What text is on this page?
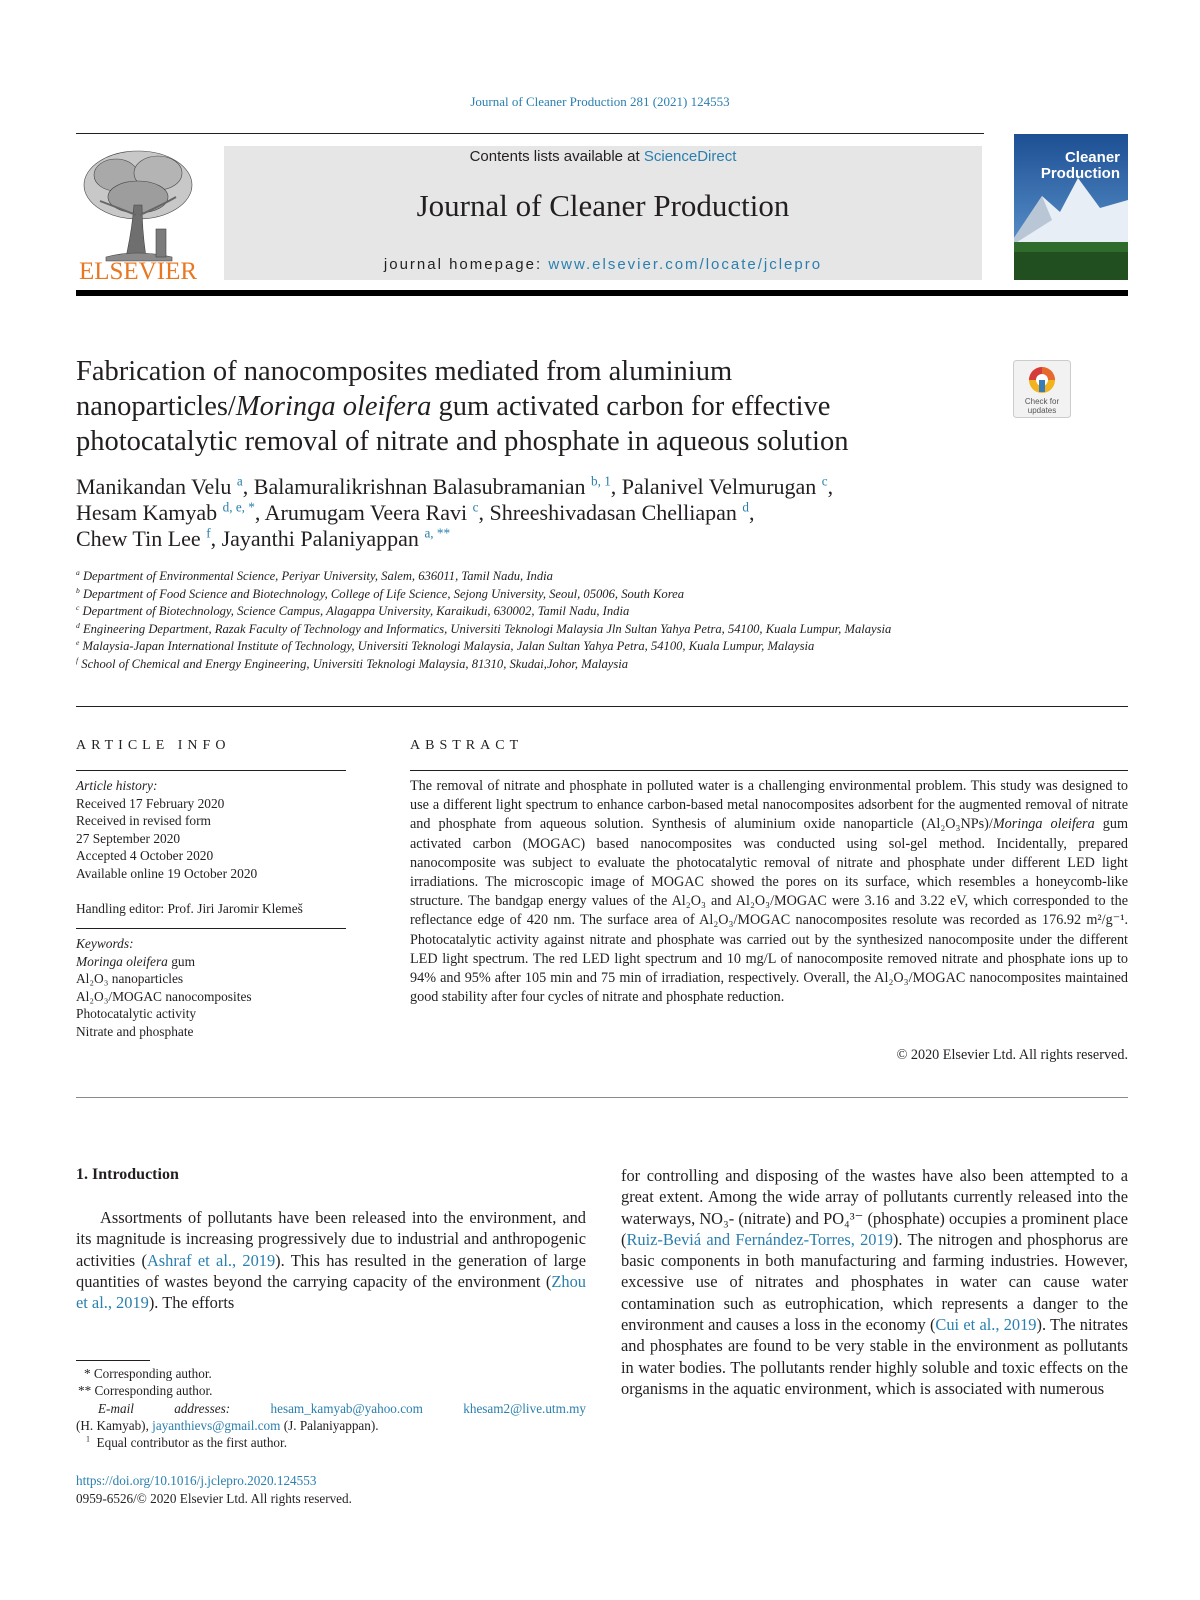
Journal of Cleaner Production 281 (2021) 124553
ELSEVIER
Contents lists available at ScienceDirect
Journal of Cleaner Production
journal homepage: www.elsevier.com/locate/jclepro
Cleaner
Production
Fabrication of nanocomposites mediated from aluminium nanoparticles/Moringa oleifera gum activated carbon for effective photocatalytic removal of nitrate and phosphate in aqueous solution
Check for
updates
Manikandan Velu $^a$, Balamuralikrishnan Balasubramanian $^{b, 1}$, Palanivel Velmurugan $^c$,
Hesam Kamyab $^{d, e, *}$, Arumugam Veera Ravi $^c$, Shreeshivadasan Chelliapan $^d$,
Chew Tin Lee $^f$, Jayanthi Palaniyappan $^{a, **}$
$^a$ Department of Environmental Science, Periyar University, Salem, 636011, Tamil Nadu, India
$^b$ Department of Food Science and Biotechnology, College of Life Science, Sejong University, Seoul, 05006, South Korea
$^c$ Department of Biotechnology, Science Campus, Alagappa University, Karaikudi, 630002, Tamil Nadu, India
$^d$ Engineering Department, Razak Faculty of Technology and Informatics, Universiti Teknologi Malaysia Jln Sultan Yahya Petra, 54100, Kuala Lumpur, Malaysia
$^e$ Malaysia-Japan International Institute of Technology, Universiti Teknologi Malaysia, Jalan Sultan Yahya Petra, 54100, Kuala Lumpur, Malaysia
$^f$ School of Chemical and Energy Engineering, Universiti Teknologi Malaysia, 81310, Skudai,Johor, Malaysia
ARTICLE INFO
Article history:
Received 17 February 2020
Received in revised form
27 September 2020
Accepted 4 October 2020
Available online 19 October 2020
Handling editor: Prof. Jiri Jaromir Klemeš
Keywords:
Moringa oleifera gum
Al₂O₃ nanoparticles
Al₂O₃/MOGAC nanocomposites
Photocatalytic activity
Nitrate and phosphate
ABSTRACT
The removal of nitrate and phosphate in polluted water is a challenging environmental problem. This study was designed to use a different light spectrum to enhance carbon-based metal nanocomposites adsorbent for the augmented removal of nitrate and phosphate from aqueous solution. Synthesis of aluminium oxide nanoparticle (Al₂O₃NPs)/Moringa oleifera gum activated carbon (MOGAC) based nanocomposites was conducted using sol-gel method. Incidentally, prepared nanocomposite was subject to evaluate the photocatalytic removal of nitrate and phosphate under different LED light irradiations. The microscopic image of MOGAC showed the pores on its surface, which resembles a honeycomb-like structure. The bandgap energy values of the Al₂O₃ and Al₂O₃/MOGAC were 3.16 and 3.22 eV, which corresponded to the reflectance edge of 420 nm. The surface area of Al₂O₃/MOGAC nanocomposites resolute was recorded as 176.92 m²/g⁻¹. Photocatalytic activity against nitrate and phosphate was carried out by the synthesized nanocomposite under the different LED light spectrum. The red LED light spectrum and 10 mg/L of nanocomposite removed nitrate and phosphate ions up to 94% and 95% after 105 min and 75 min of irradiation, respectively. Overall, the Al₂O₃/MOGAC nanocomposites maintained good stability after four cycles of nitrate and phosphate reduction.
© 2020 Elsevier Ltd. All rights reserved.
1. Introduction
Assortments of pollutants have been released into the environment, and its magnitude is increasing progressively due to industrial and anthropogenic activities (Ashraf et al., 2019). This has resulted in the generation of large quantities of wastes beyond the carrying capacity of the environment (Zhou et al., 2019). The efforts
for controlling and disposing of the wastes have also been attempted to a great extent. Among the wide array of pollutants currently released into the waterways, NO₃- (nitrate) and PO₄³⁻ (phosphate) occupies a prominent place (Ruiz-Beviá and Fernández-Torres, 2019). The nitrogen and phosphorus are basic components in both manufacturing and farming industries. However, excessive use of nitrates and phosphates in water can cause water contamination such as eutrophication, which represents a danger to the environment and causes a loss in the economy (Cui et al., 2019). The nitrates and phosphates are found to be very stable in the environment as pollutants in water bodies. The pollutants render highly soluble and toxic effects on the organisms in the aquatic environment, which is associated with numerous
* Corresponding author.
** Corresponding author.
E-mail addresses:	hesam_kamyab@yahoo.com	khesam2@live.utm.my
(H. Kamyab), jayanthievs@gmail.com (J. Palaniyappan).
$^1$ Equal contributor as the first author.
https://doi.org/10.1016/j.jclepro.2020.124553
0959-6526/© 2020 Elsevier Ltd. All rights reserved.
